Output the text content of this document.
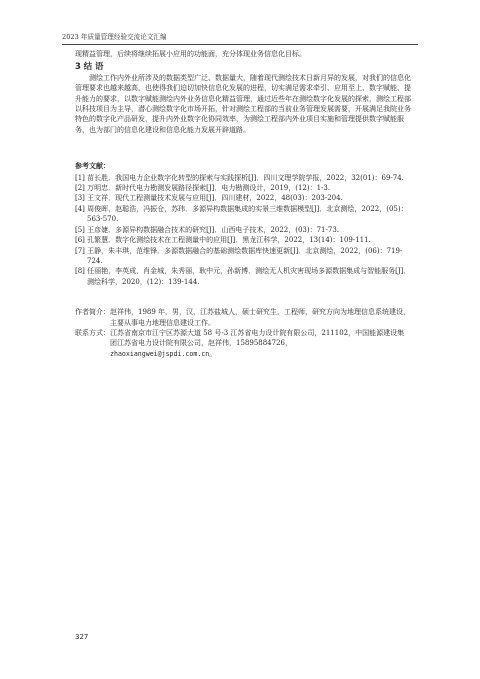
2023 年质量管理经验交流论文汇编

现精益管理，后续将继续拓展小应用的功能面，充分体现业务信息化目标。

3 结 语

测绘工作内外业所涉及的数据类型广泛、数据量大，随着现代测绘技术日新月异的发展，对我们的信息化管理要求也越来越高，也使得我们迫切加快信息化发展的进程，切实满足需求牵引、应用至上、数字赋能、提升能力的要求，以数字赋能测绘内外业务信息化精益管理，通过近些年在测绘数字化发展的探索，测绘工程部以科技项目为主导，潜心测绘数字化市场开拓，针对测绘工程部的当前业务管理发展需要，开展满足我院业务特色的数字化产品研发，提升内外业数字化协同效率，为测绘工程部内外业项目实施和管理提供数字赋能服务，也为部门的信息化建设和信息化能力发展开辟道路。

参考文献：

[1] 苗长胜．我国电力企业数字化转型的探索与实践探析[J]．四川文理学院学报，2022，32(01)：69-74.

[2] 万明忠．新时代电力勘测发展路径探索[J]．电力勘测设计，2019，(12)：1-3.

[3] 王文祥．现代工程测量技术发展与应用[J]．四川建材，2022，48(03)：203-204.

[4] 周俊晖，赵聪浩，冯振仓，苏玮．多源异构数据集成的实景三维数据模型[J]．北京测绘，2022，(05)：563-570.

[5] 王彦婕．多源异构数据融合技术的研究[J]．山西电子技术，2022，(03)：71-73.

[6] 孔繁慧．数字化测绘技术在工程测量中的应用[J]．黑龙江科学，2022，13(14)：109-111.

[7] 王静，朱丰琪，范维锋．多源数据融合的基础测绘数据库快速更新[J]．北京测绘，2022，(06)：719-724.

[8] 任丽艳，李英成，肖金城，朱秀丽，耿中元，孙新博．测绘无人机灾害现场多源数据集成与智能服务[J]．测绘科学，2020，(12)：139-144.

作者简介： 赵祥伟，1989 年，男，汉，江苏盐城人，硕士研究生，工程师，研究方向为地理信息系统建设，主要从事电力地理信息建设工作。
联系方式： 江苏省南京市江宁区苏源大道 58 号-3 江苏省电力设计院有限公司，211102，中国能源建设集团江苏省电力设计院有限公司，赵祥伟，15895884726，
zhaoxiangwei@jspdi.com.cn。
327
